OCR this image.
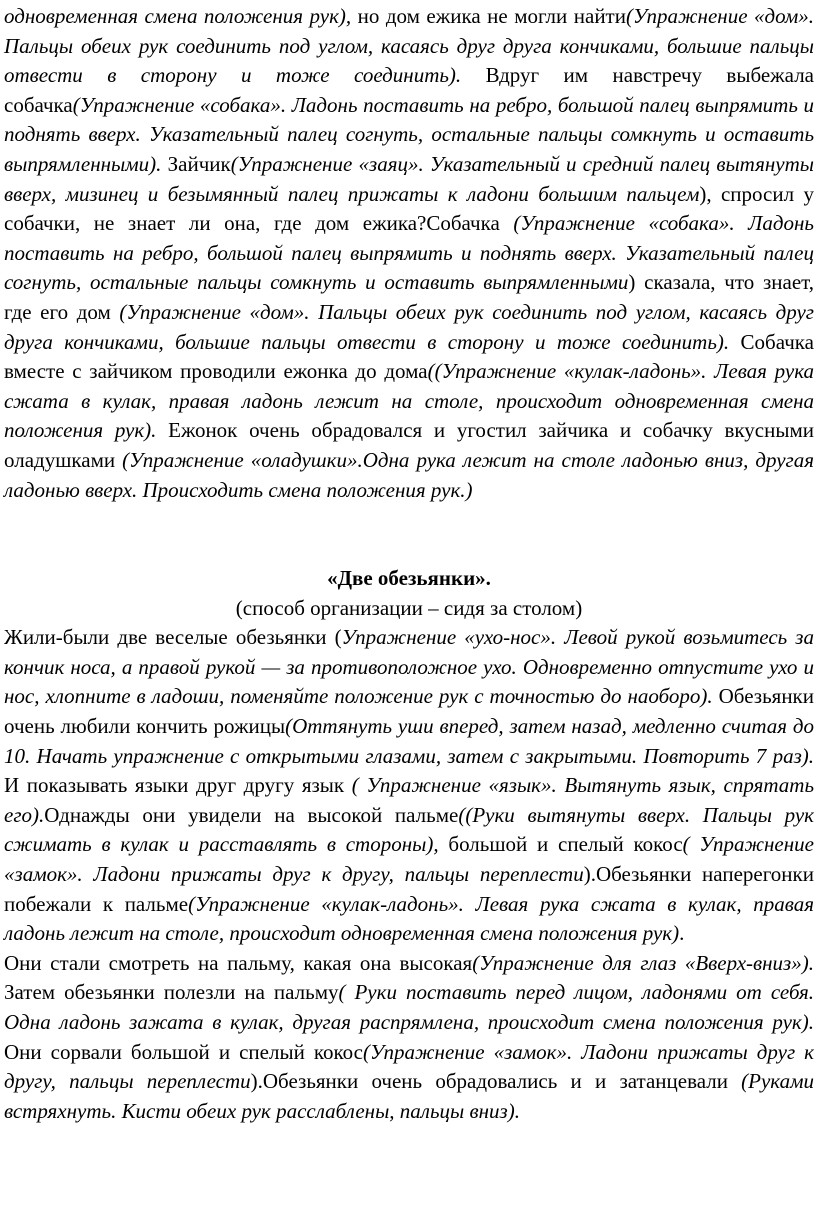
одновременная смена положения рук), но дом ежика не могли найти(Упражнение «дом». Пальцы обеих рук соединить под углом, касаясь друг друга кончиками, большие пальцы отвести в сторону и тоже соединить). Вдруг им навстречу выбежала собачка(Упражнение «собака». Ладонь поставить на ребро, большой палец выпрямить и поднять вверх. Указательный палец согнуть, остальные пальцы сомкнуть и оставить выпрямленными). Зайчик(Упражнение «заяц». Указательный и средний палец вытянуты вверх, мизинец и безымянный палец прижаты к ладони большим пальцем), спросил у собачки, не знает ли она, где дом ежика?Собачка (Упражнение «собака». Ладонь поставить на ребро, большой палец выпрямить и поднять вверх. Указательный палец согнуть, остальные пальцы сомкнуть и оставить выпрямленными) сказала, что знает, где его дом (Упражнение «дом». Пальцы обеих рук соединить под углом, касаясь друг друга кончиками, большие пальцы отвести в сторону и тоже соединить). Собачка вместе с зайчиком проводили ежонка до дома((Упражнение «кулак-ладонь». Левая рука сжата в кулак, правая ладонь лежит на столе, происходит одновременная смена положения рук). Ежонок очень обрадовался и угостил зайчика и собачку вкусными оладушками (Упражнение «оладушки».Одна рука лежит на столе ладонью вниз, другая ладонью вверх. Происходить смена положения рук.)

«Две обезьянки».
(способ организации – сидя за столом)

Жили-были две веселые обезьянки (Упражнение «ухо-нос». Левой рукой возьмитесь за кончик носа, а правой рукой — за противоположное ухо. Одновременно отпустите ухо и нос, хлопните в ладоши, поменяйте положение рук с точностью до наоборо). Обезьянки очень любили кончить рожицы(Оттянуть уши вперед, затем назад, медленно считая до 10. Начать упражнение с открытыми глазами, затем с закрытыми. Повторить 7 раз). И показывать языки друг другу язык ( Упражнение «язык». Вытянуть язык, спрятать его).Однажды они увидели на высокой пальме((Руки вытянуты вверх. Пальцы рук сжимать в кулак и расставлять в стороны), большой и спелый кокос( Упражнение «замок». Ладони прижаты друг к другу, пальцы переплести).Обезьянки наперегонки побежали к пальме(Упражнение «кулак-ладонь». Левая рука сжата в кулак, правая ладонь лежит на столе, происходит одновременная смена положения рук).

Они стали смотреть на пальму, какая она высокая(Упражнение для глаз «Вверх-вниз»). Затем обезьянки полезли на пальму( Руки поставить перед лицом, ладонями от себя. Одна ладонь зажата в кулак, другая распрямлена, происходит смена положения рук). Они сорвали большой и спелый кокос(Упражнение «замок». Ладони прижаты друг к другу, пальцы переплести).Обезьянки очень обрадовались и и затанцевали (Руками встряхнуть. Кисти обеих рук расслаблены, пальцы вниз).
